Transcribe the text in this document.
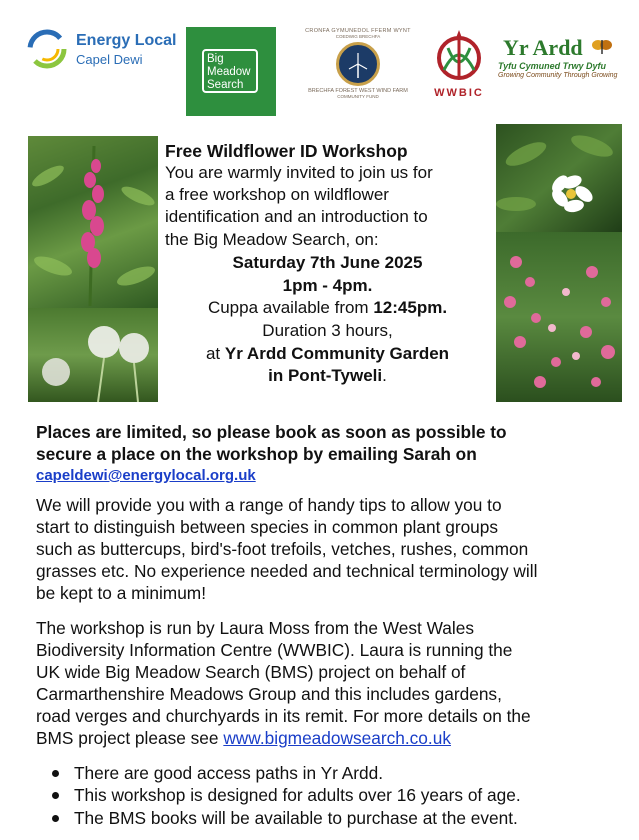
Energy Local
Capel Dewi	Big Meadow Search
CRONFA GYMUNEDOL FFERM WYNT
COEDWIG BRECHFA
BRECHFA FOREST WEST WIND FARM
COMMUNITY FUND	WWBIC
Yr Ardd
Tyfu Cymuned Trwy Dyfu
Growing Community Through Growing
Free Wildflower ID Workshop
You are warmly invited to join us for
a free workshop on wildflower
identification and an introduction to
the Big Meadow Search, on:
Saturday 7th June 2025
1pm - 4pm.
Cuppa available from 12:45pm.
Duration 3 hours,
at Yr Ardd Community Garden
in Pont-Tyweli.
Places are limited, so please book as soon as possible to
secure a place on the workshop by emailing Sarah on
capeldewi@energylocal.org.uk
We will provide you with a range of handy tips to allow you to
start to distinguish between species in common plant groups
such as buttercups, bird's-foot trefoils, vetches, rushes, common
grasses etc. No experience needed and technical terminology will
be kept to a minimum!
The workshop is run by Laura Moss from the West Wales
Biodiversity Information Centre (WWBIC). Laura is running the
UK wide Big Meadow Search (BMS) project on behalf of
Carmarthenshire Meadows Group and this includes gardens,
road verges and churchyards in its remit. For more details on the
BMS project please see www.bigmeadowsearch.co.uk
There are good access paths in Yr Ardd.
This workshop is designed for adults over 16 years of age.
The BMS books will be available to purchase at the event.
